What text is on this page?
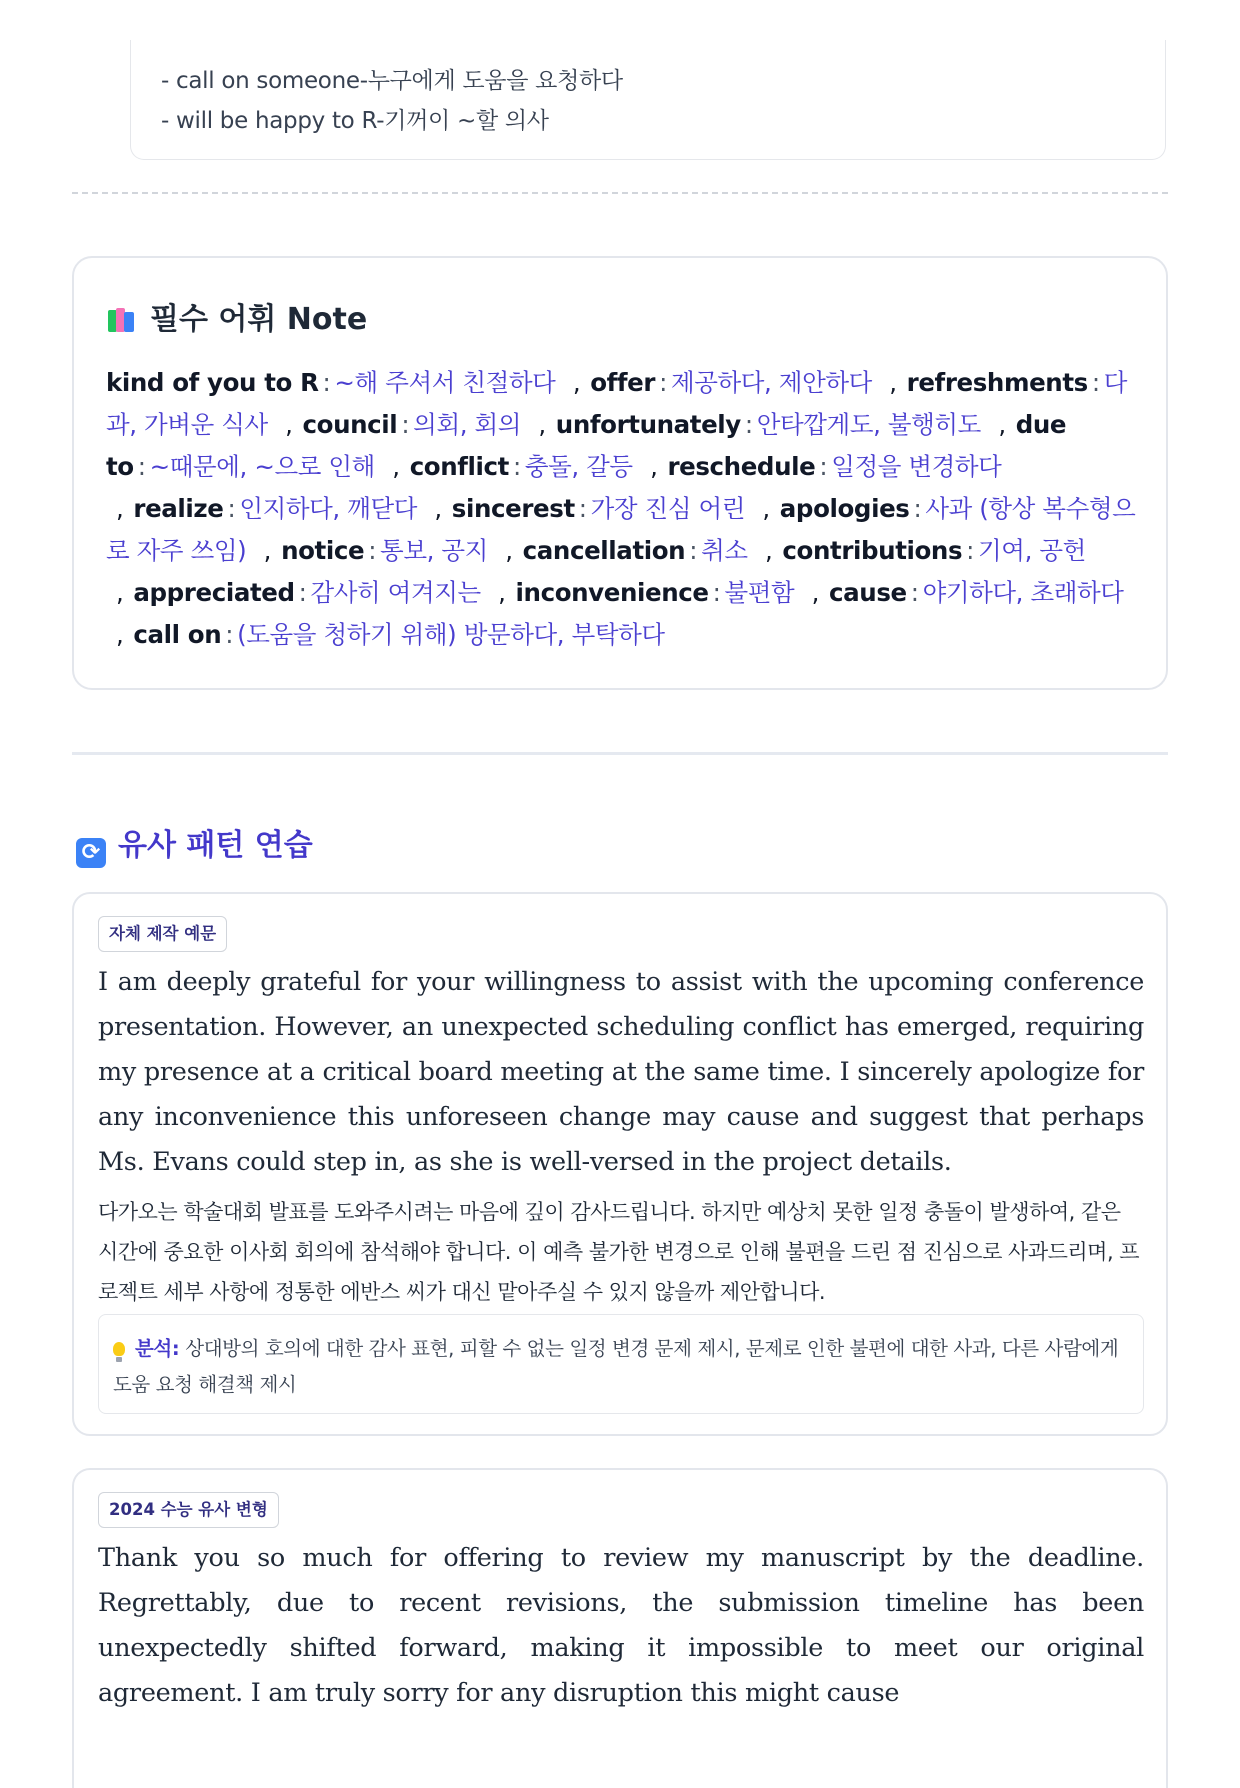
- call on someone-누구에게 도움을 요청하다
- will be happy to R-기꺼이 ~할 의사
필수 어휘 Note
kind of you to R : ~해 주셔서 친절하다 , offer : 제공하다, 제안하다 , refreshments : 다과, 가벼운 식사 , council : 의회, 회의 , unfortunately : 안타깝게도, 불행히도 , due to : ~때문에, ~으로 인해 , conflict : 충돌, 갈등 , reschedule : 일정을 변경하다 , realize : 인지하다, 깨닫다 , sincerest : 가장 진심 어린 , apologies : 사과 (항상 복수형으로 자주 쓰임) , notice : 통보, 공지 , cancellation : 취소 , contributions : 기여, 공헌 , appreciated : 감사히 여겨지는 , inconvenience : 불편함 , cause : 야기하다, 초래하다 , call on : (도움을 청하기 위해) 방문하다, 부탁하다
⟳ 유사 패턴 연습
자체 제작 예문
I am deeply grateful for your willingness to assist with the upcoming conference presentation. However, an unexpected scheduling conflict has emerged, requiring my presence at a critical board meeting at the same time. I sincerely apologize for any inconvenience this unforeseen change may cause and suggest that perhaps Ms. Evans could step in, as she is well-versed in the project details.
다가오는 학술대회 발표를 도와주시려는 마음에 깊이 감사드립니다. 하지만 예상치 못한 일정 충돌이 발생하여, 같은 시간에 중요한 이사회 회의에 참석해야 합니다. 이 예측 불가한 변경으로 인해 불편을 드린 점 진심으로 사과드리며, 프로젝트 세부 사항에 정통한 에반스 씨가 대신 맡아주실 수 있지 않을까 제안합니다.
분석: 상대방의 호의에 대한 감사 표현, 피할 수 없는 일정 변경 문제 제시, 문제로 인한 불편에 대한 사과, 다른 사람에게 도움 요청 해결책 제시
2024 수능 유사 변형
Thank you so much for offering to review my manuscript by the deadline. Regrettably, due to recent revisions, the submission timeline has been unexpectedly shifted forward, making it impossible to meet our original agreement. I am truly sorry for any disruption this might cause
